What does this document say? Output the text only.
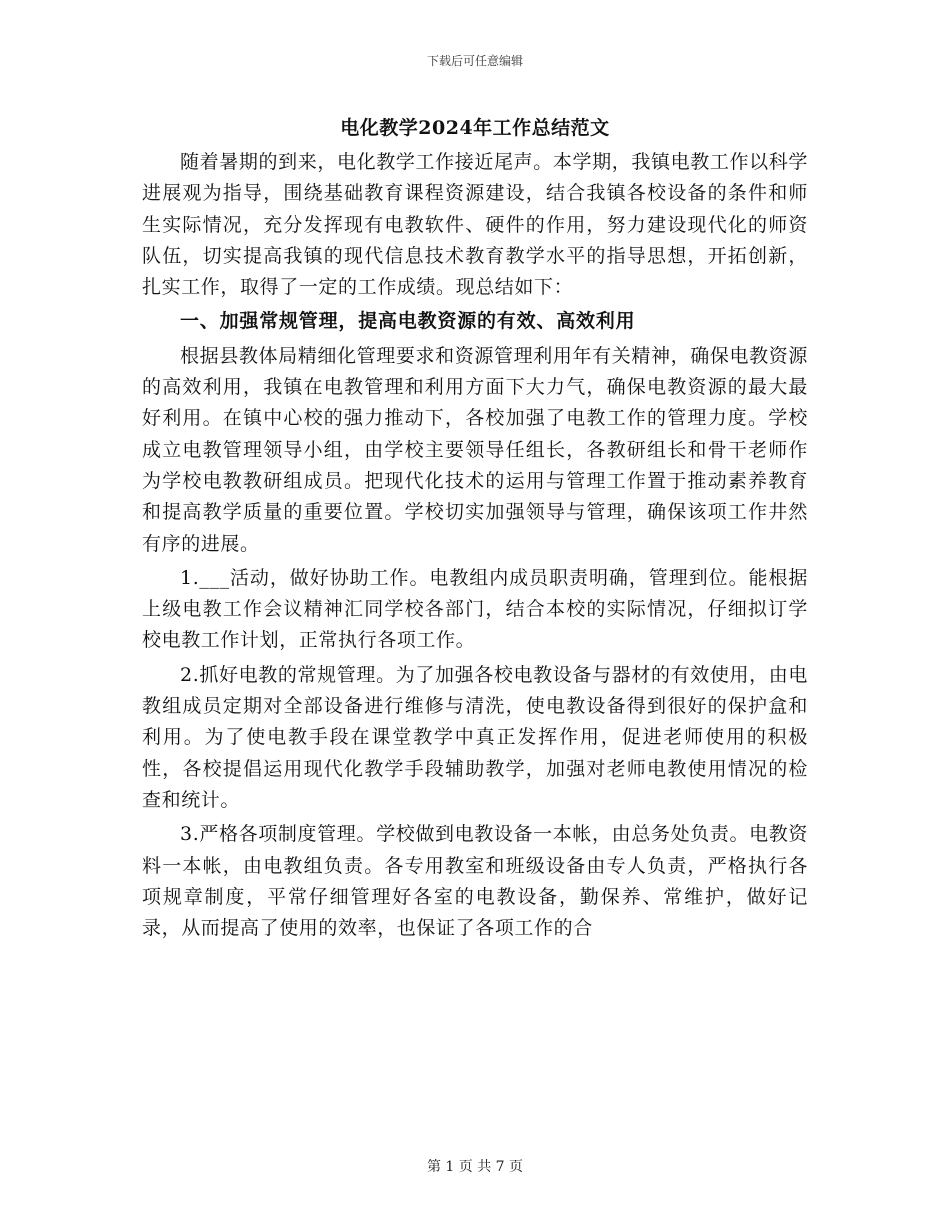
下载后可任意编辑
电化教学2024年工作总结范文

随着暑期的到来，电化教学工作接近尾声。本学期，我镇电教工作以科学进展观为指导，围绕基础教育课程资源建设，结合我镇各校设备的条件和师生实际情况，充分发挥现有电教软件、硬件的作用，努力建设现代化的师资队伍，切实提高我镇的现代信息技术教育教学水平的指导思想，开拓创新，扎实工作，取得了一定的工作成绩。现总结如下：

一、加强常规管理，提高电教资源的有效、高效利用

根据县教体局精细化管理要求和资源管理利用年有关精神，确保电教资源的高效利用，我镇在电教管理和利用方面下大力气，确保电教资源的最大最好利用。在镇中心校的强力推动下，各校加强了电教工作的管理力度。学校成立电教管理领导小组，由学校主要领导任组长，各教研组长和骨干老师作为学校电教教研组成员。把现代化技术的运用与管理工作置于推动素养教育和提高教学质量的重要位置。学校切实加强领导与管理，确保该项工作井然有序的进展。

1.___活动，做好协助工作。电教组内成员职责明确，管理到位。能根据上级电教工作会议精神汇同学校各部门，结合本校的实际情况，仔细拟订学校电教工作计划，正常执行各项工作。

2.抓好电教的常规管理。为了加强各校电教设备与器材的有效使用，由电教组成员定期对全部设备进行维修与清洗，使电教设备得到很好的保护盒和利用。为了使电教手段在课堂教学中真正发挥作用，促进老师使用的积极性，各校提倡运用现代化教学手段辅助教学，加强对老师电教使用情况的检查和统计。

3.严格各项制度管理。学校做到电教设备一本帐，由总务处负责。电教资料一本帐，由电教组负责。各专用教室和班级设备由专人负责，严格执行各项规章制度，平常仔细管理好各室的电教设备，勤保养、常维护，做好记录，从而提高了使用的效率，也保证了各项工作的合

第 1 页 共 7 页
